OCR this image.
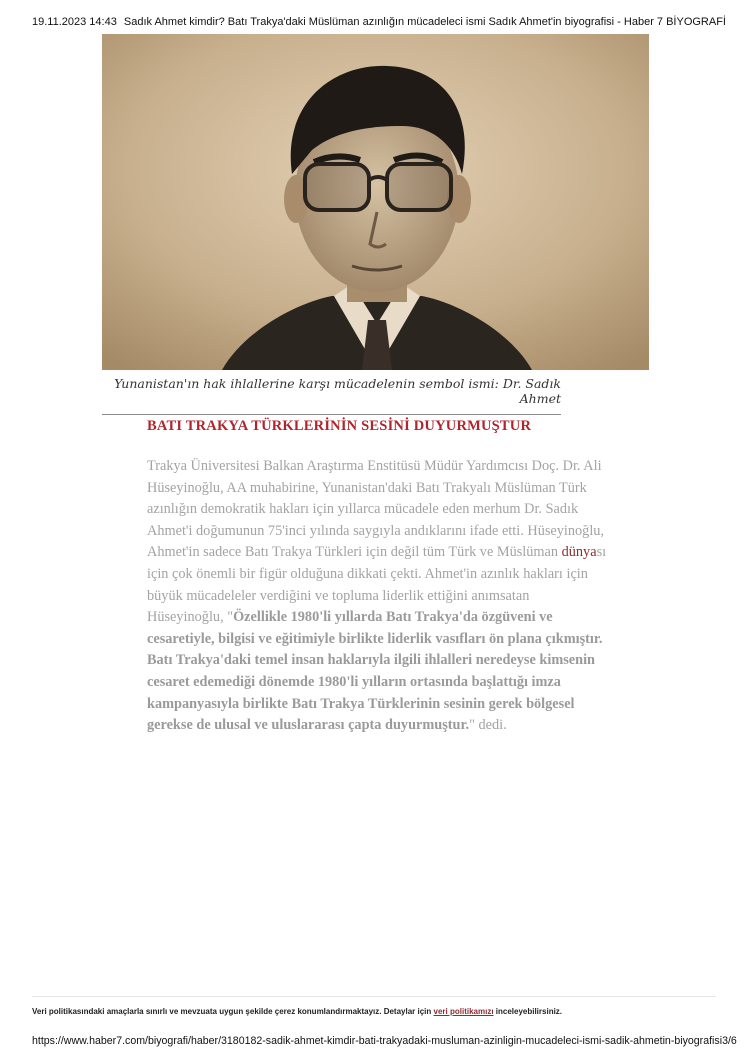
19.11.2023 14:43 Sadık Ahmet kimdir? Batı Trakya'daki Müslüman azınlığın mücadeleci ismi Sadık Ahmet'in biyografisi - Haber 7 BİYOGRAFİ
Yunanistan'ın hak ihlallerine karşı mücadelenin sembol ismi: Dr. Sadık Ahmet
BATI TRAKYA TÜRKLERİNİN SESİNİ DUYURMUŞTUR
Trakya Üniversitesi Balkan Araştırma Enstitüsü Müdür Yardımcısı Doç. Dr. Ali Hüseyinoğlu, AA muhabirine, Yunanistan'daki Batı Trakyalı Müslüman Türk azınlığın demokratik hakları için yıllarca mücadele eden merhum Dr. Sadık Ahmet'i doğumunun 75'inci yılında saygıyla andıklarını ifade etti. Hüseyinoğlu, Ahmet'in sadece Batı Trakya Türkleri için değil tüm Türk ve Müslüman dünyası için çok önemli bir figür olduğuna dikkati çekti. Ahmet'in azınlık hakları için büyük mücadeleler verdiğini ve topluma liderlik ettiğini anımsatan Hüseyinoğlu, "Özellikle 1980'li yıllarda Batı Trakya'da özgüveni ve cesaretiyle, bilgisi ve eğitimiyle birlikte liderlik vasıfları ön plana çıkmıştır. Batı Trakya'daki temel insan haklarıyla ilgili ihlalleri neredeyse kimsenin cesaret edemediği dönemde 1980'li yılların ortasında başlattığı imza kampanyasıyla birlikte Batı Trakya Türklerinin sesinin gerek bölgesel gerekse de ulusal ve uluslararası çapta duyurmuştur." dedi.
Veri politikasındaki amaçlarla sınırlı ve mevzuata uygun şekilde çerez konumlandırmaktayız. Detaylar için veri politikamızı inceleyebilirsiniz.
https://www.haber7.com/biyografi/haber/3180182-sadik-ahmet-kimdir-bati-trakyadaki-musluman-azinligin-mucadeleci-ismi-sadik-ahmetin-biyografisi 3/6
